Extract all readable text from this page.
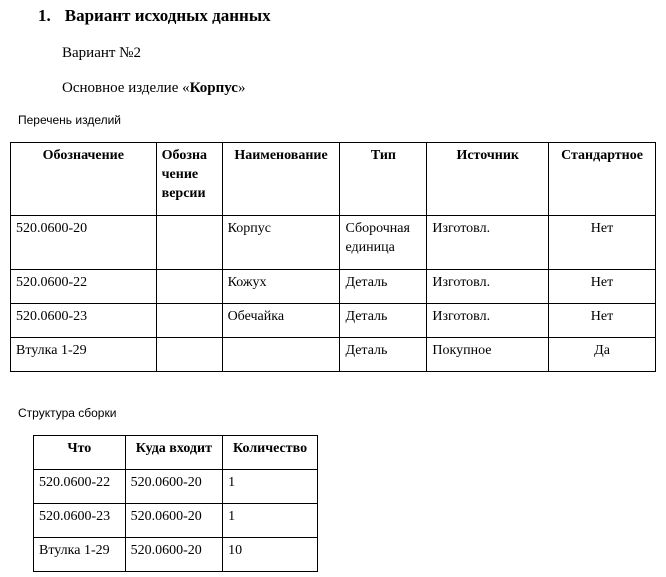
1. Вариант исходных данных
Вариант №2
Основное изделие «Корпус»
Перечень изделий
Обозначение	Обозна чение версии	Наименование	Тип	Источник	Стандартное
520.0600-20		Корпус	Сборочная единица	Изготовл.	Нет
520.0600-22		Кожух	Деталь	Изготовл.	Нет
520.0600-23		Обечайка	Деталь	Изготовл.	Нет
Втулка 1-29			Деталь	Покупное	Да
Структура сборки
Что	Куда входит	Количество
520.0600-22	520.0600-20	1
520.0600-23	520.0600-20	1
Втулка 1-29	520.0600-20	10
